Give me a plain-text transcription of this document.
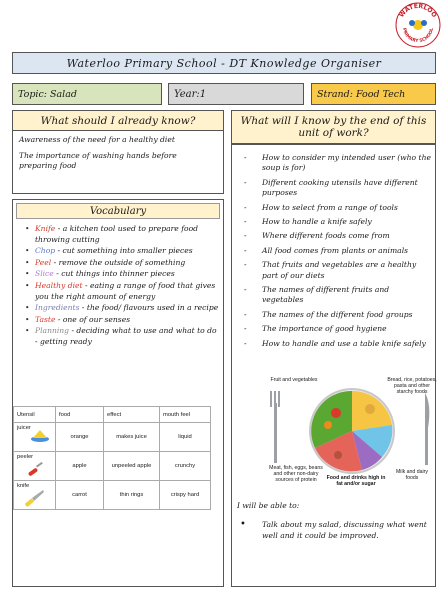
WATERLOO
PRIMARY SCHOOL
Waterloo Primary School - DT Knowledge Organiser
Topic: Salad	Year:1	Strand: Food Tech
What should I already know?

Awareness of the need for a healthy diet

The importance of washing hands before preparing food

Vocabulary
• Knife - a kitchen tool used to prepare food throwing cutting
• Chop - cut something into smaller pieces
• Peel - remove the outside of something
• Slice - cut things into thinner pieces
• Healthy diet - eating a range of food that gives you the right amount of energy
• Ingredients - the food/ flavours used in a recipe
• Taste - one of our senses
• Planning - deciding what to use and what to do - getting ready
Utensil	food	effect	mouth feel
juicer	orange	makes juice	liquid
peeler	apple	unpeeled apple	crunchy
knife	carrot	thin rings	crispy hard
What will I know by the end of this unit of work?
- How to consider my intended user (who the soup is for)
- Different cooking utensils have different purposes
- How to select from a range of tools
- How to handle a knife safely
- Where different foods come from
- All food comes from plants or animals
- That fruits and vegetables are a healthy part of our diets
- The names of different fruits and vegetables
- The names of the different food groups
- The importance of good hygiene
- How to handle and use a table knife safely
Fruit and vegetables	Bread, rice, potatoes, pasta and other starchy foods
Meat, fish, eggs, beans and other non-dairy sources of protein	Food and drinks high in fat and/or sugar
Milk and dairy foods
I will be able to:
• Talk about my salad, discussing what went well and it could be improved.
